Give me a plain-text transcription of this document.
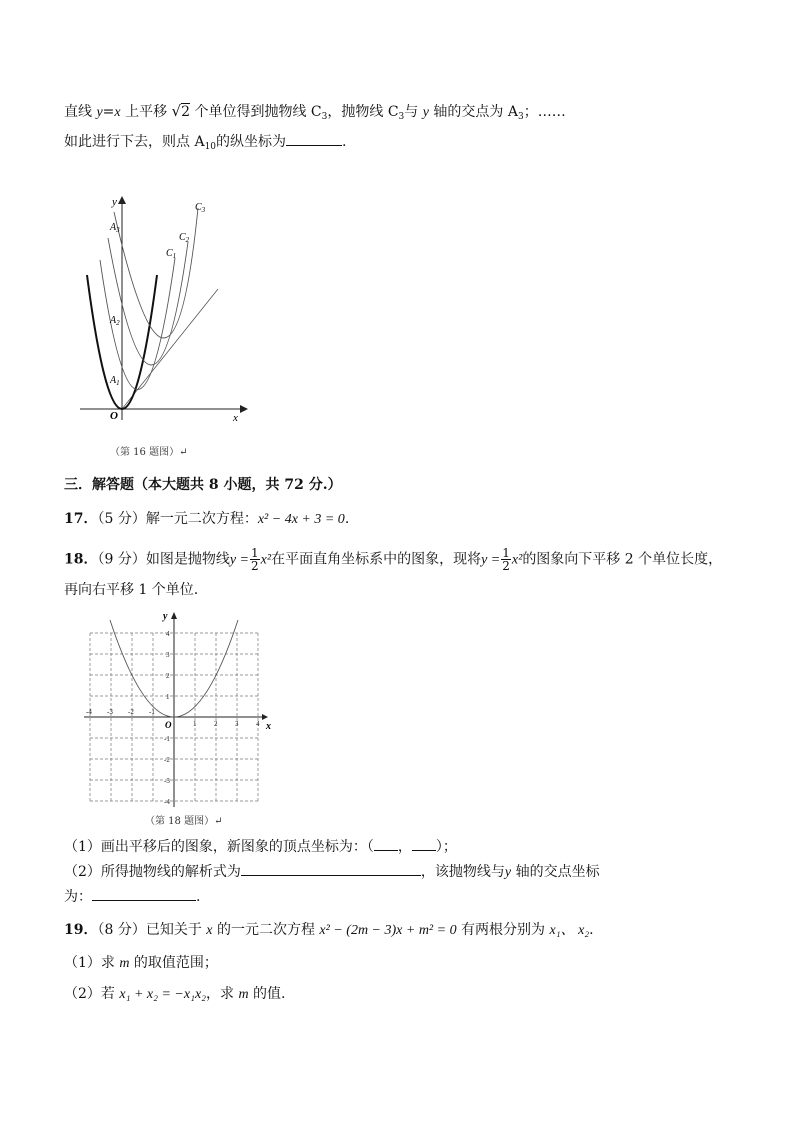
直线 y=x 上平移 √2 个单位得到抛物线 $C_3$，抛物线 $C_3$与 y 轴的交点为 $A_3$；……
如此进行下去，则点 $A_{10}$的纵坐标为	.
y
x
O
$C_3$
$C_2$
$C_1$
$A_3$
$A_2$
$A_1$
（第 16 题图）↵
三．解答题（本大题共 8 小题，共 72 分.）
17．（5 分）解一元二次方程：x² − 4x + 3 = 0.
18．（9 分）如图是抛物线$y = \frac{1}{2} x^2$在平面直角坐标系中的图象，现将$y = \frac{1}{2} x^2$的图象向下平移 2 个单位长度，
再向右平移 1 个单位.
-4 -3 -2 -1
1	2	3	4
4
3
2
1
-1
-2
-3
-4
y
x
O
（第 18 题图）↵
（1）画出平移后的图象，新图象的顶点坐标为：（ ， ）；
（2）所得抛物线的解析式为	，该抛物线与y 轴的交点坐标
为：	.
19．（8 分）已知关于 x 的一元二次方程 x² − (2m − 3)x + m² = 0 有两根分别为 x₁、 x₂.
（1）求 m 的取值范围；
（2）若 x₁ + x₂ = −x₁x₂，求 m 的值.
